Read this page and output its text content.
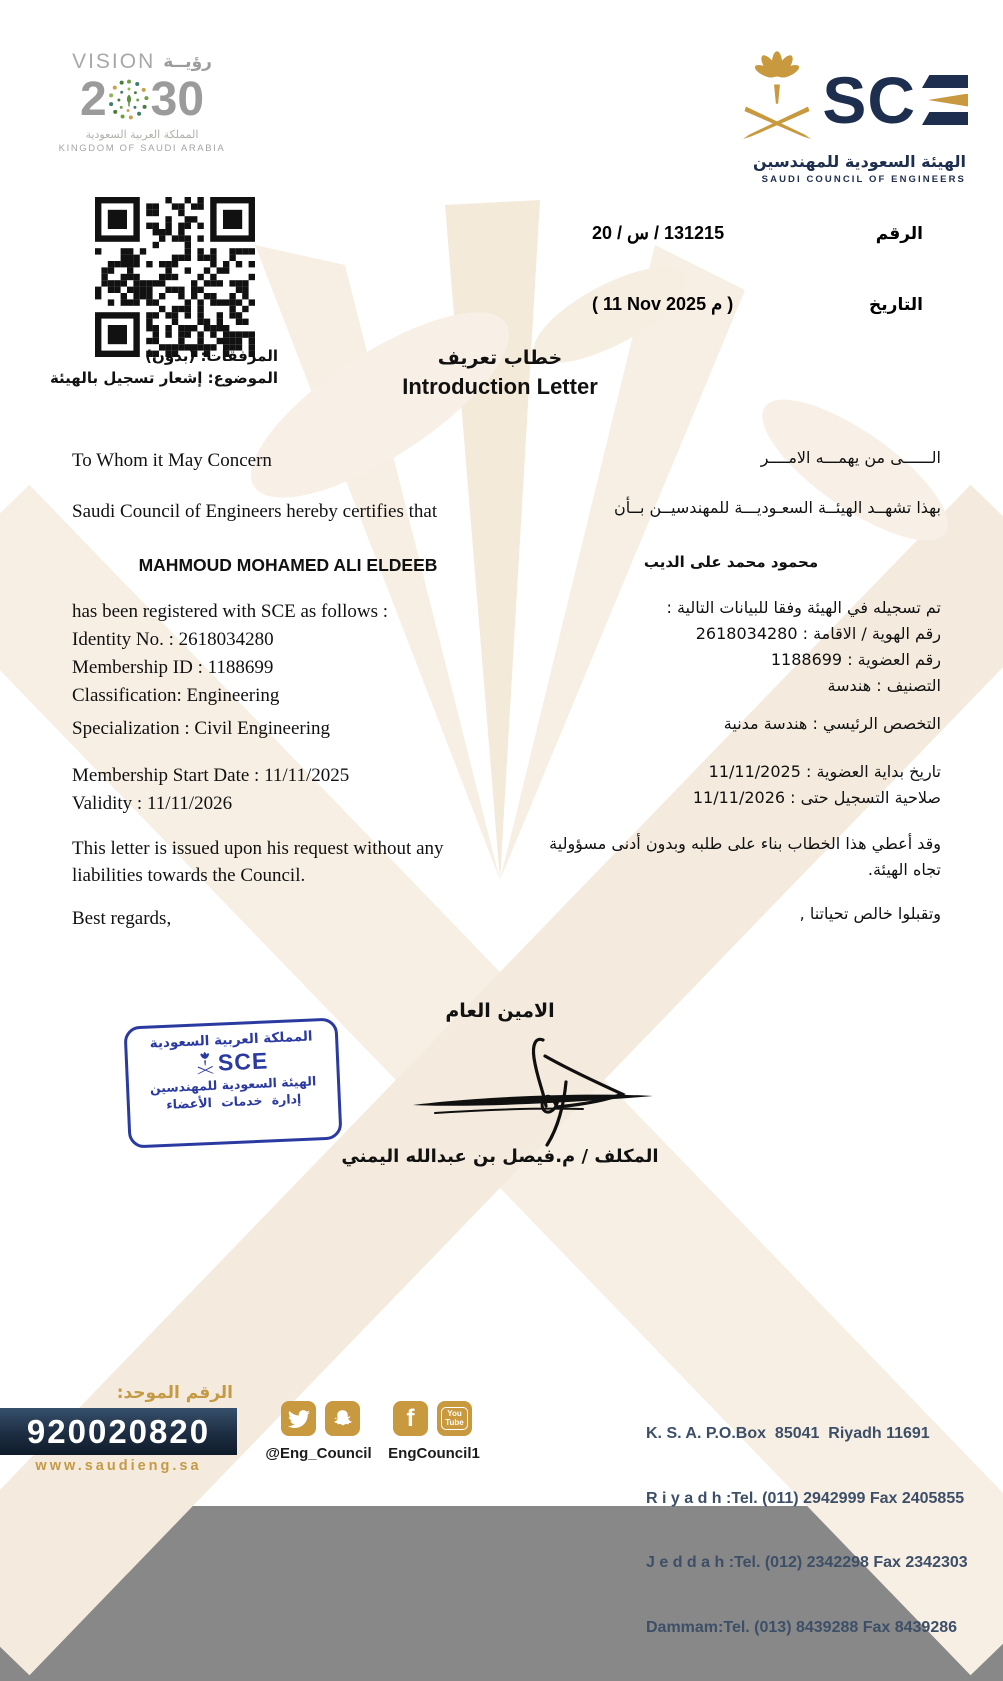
VISION رؤيــة
2 30
المملكة العربية السعودية
KINGDOM OF SAUDI ARABIA
SC
الهيئة السعودية للمهندسين
SAUDI COUNCIL OF ENGINEERS
الرقم
131215 / س / 20
التاريخ
( 11 Nov 2025 م )
المرفقات: (بدون)
الموضوع: إشعار تسجيل بالهيئة
خطاب تعريف
Introduction Letter
To Whom it May Concern	الــــــى من يهمـــه الامــــر
Saudi Council of Engineers hereby certifies that	بهذا تشهــد الهيئــة السعـوديـــة للمهندسيــن بــأن
MAHMOUD MOHAMED ALI ELDEEB	محمود محمد على الديب
has been registered with SCE as follows :
Identity No. : 2618034280
Membership ID : 1188699
Classification: Engineering
تم تسجيله في الهيئة وفقا للبيانات التالية :
رقم الهوية / الاقامة : 2618034280
رقم العضوية : 1188699
التصنيف : هندسة
Specialization : Civil Engineering	التخصص الرئيسي : هندسة مدنية
Membership Start Date : 11/11/2025
Validity : 11/11/2026
تاريخ بداية العضوية : 11/11/2025
صلاحية التسجيل حتى : 11/11/2026
This letter is issued upon his request without any liabilities towards the Council.
وقد أعطي هذا الخطاب بناء على طلبه وبدون أدنى مسؤولية تجاه الهيئة.
Best regards,	وتقبلوا خالص تحياتنا ,
الامين العام
المكلف / م.فيصل بن عبدالله اليمني
المملكة العربية السعودية
SCE
الهيئة السعودية للمهندسين
إدارة خدمات الأعضاء
الرقم الموحد:
920020820
www.saudieng.sa
@Eng_Council
f	You
Tube
EngCouncil1

K. S. A. P.O.Box  85041  Riyadh 11691

R i y a d h :Tel. (011) 2942999 Fax 2405855

J e d d a h :Tel. (012) 2342298 Fax 2342303

Dammam:Tel. (013) 8439288 Fax 8439286
